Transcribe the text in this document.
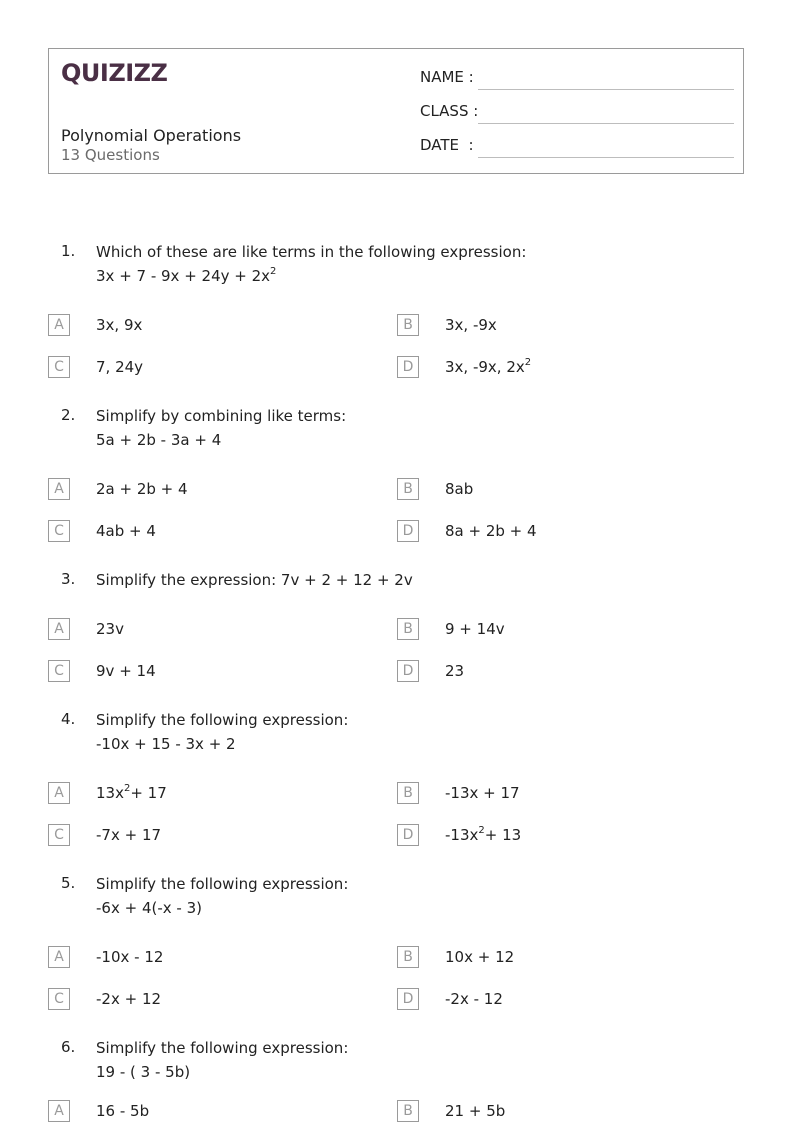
QUIZIZZ
Polynomial Operations
13 Questions
NAME :
CLASS :
DATE  :
1. Which of these are like terms in the following expression:
$3x + 7 - 9x + 24y + 2x^2$
A	3x, 9x	B	3x, -9x
C	7, 24y	D	3x, -9x, $2x^2$
2. Simplify by combining like terms:
5a + 2b - 3a + 4
A	2a + 2b + 4	B	8ab
C	4ab + 4	D	8a + 2b + 4
3. Simplify the expression: 7v + 2 + 12 + 2v
A	23v	B	9 + 14v
C	9v + 14	D	23
4. Simplify the following expression:
-10x + 15 - 3x + 2
A	$13x^2+ 17$	B	-13x + 17
C	-7x + 17	D	$-13x^2+ 13$
5. Simplify the following expression:
-6x + 4(-x - 3)
A	-10x - 12	B	10x + 12
C	-2x + 12	D	-2x - 12
6. Simplify the following expression:
19 - ( 3 - 5b)
A	16 - 5b	B	21 + 5b
